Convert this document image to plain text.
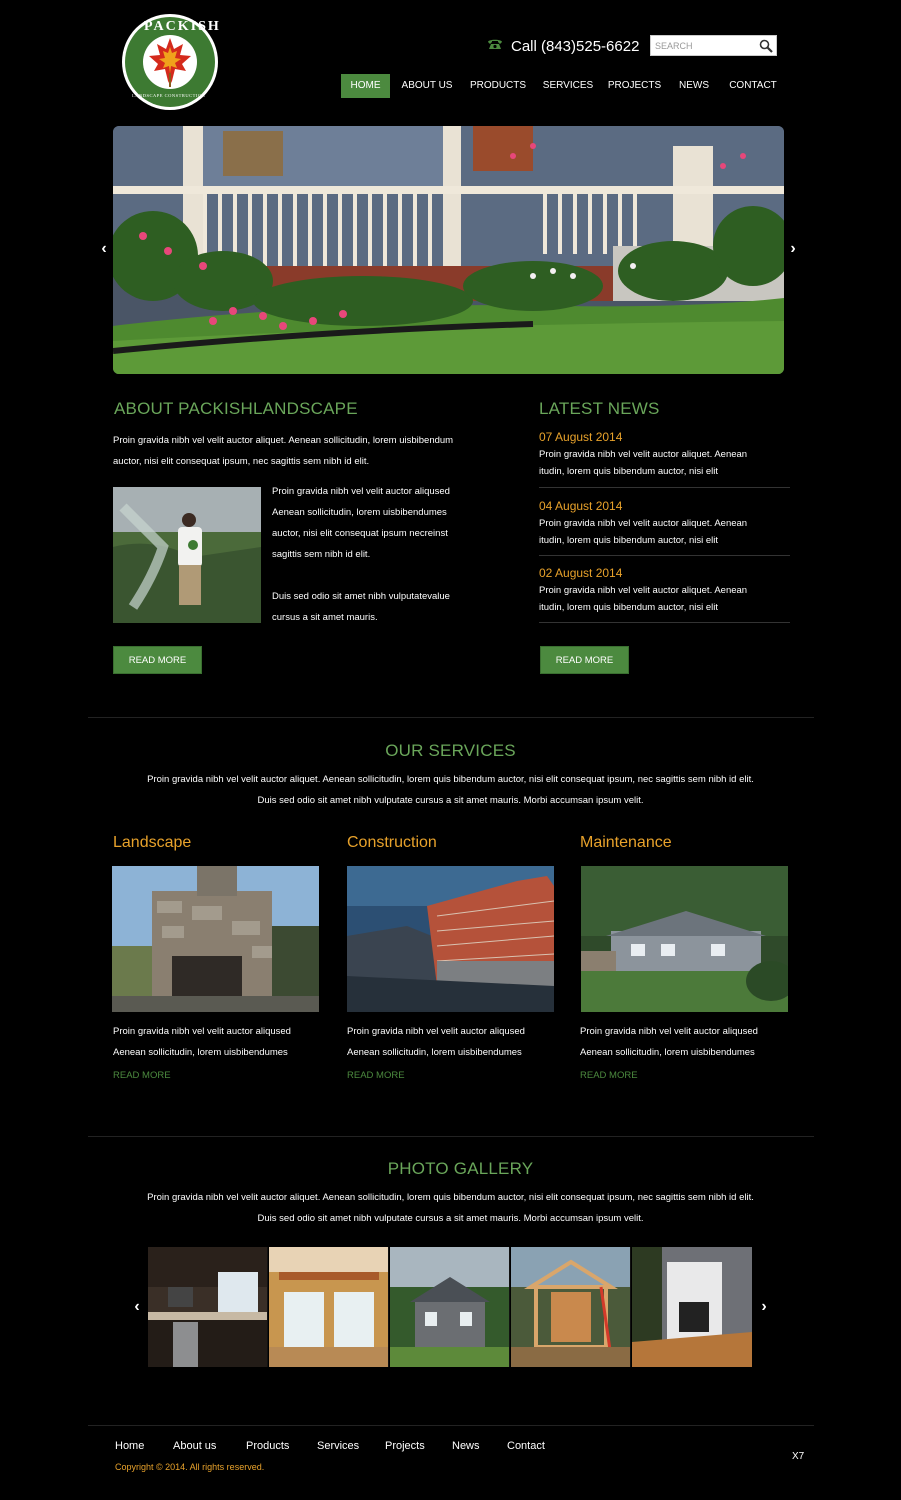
PACKISH
LANDSCAPE CONSTRUCTION
Call (843)525-6622
SEARCH
HOME	ABOUT US	PRODUCTS SERVICES PROJECTS	NEWS	CONTACT
‹	›
ABOUT PACKISHLANDSCAPE
Proin gravida nibh vel velit auctor aliquet. Aenean sollicitudin, lorem uisbibendum
auctor, nisi elit consequat ipsum, nec sagittis sem nibh id elit.
Proin gravida nibh vel velit auctor aliqused
Aenean sollicitudin, lorem uisbibendumes
auctor, nisi elit consequat ipsum necreinst
sagittis sem nibh id elit.
Duis sed odio sit amet nibh vulputatevalue
cursus a sit amet mauris.
READ MORE
LATEST NEWS
07 August 2014
Proin gravida nibh vel velit auctor aliquet. Aenean
itudin, lorem quis bibendum auctor, nisi elit
04 August 2014
Proin gravida nibh vel velit auctor aliquet. Aenean
itudin, lorem quis bibendum auctor, nisi elit
02 August 2014
Proin gravida nibh vel velit auctor aliquet. Aenean
itudin, lorem quis bibendum auctor, nisi elit
READ MORE
OUR SERVICES
Proin gravida nibh vel velit auctor aliquet. Aenean sollicitudin, lorem quis bibendum auctor, nisi elit consequat ipsum, nec sagittis sem nibh id elit.
Duis sed odio sit amet nibh vulputate cursus a sit amet mauris. Morbi accumsan ipsum velit.
Landscape
Proin gravida nibh vel velit auctor aliqused
Aenean sollicitudin, lorem uisbibendumes
READ MORE
Construction
Proin gravida nibh vel velit auctor aliqused
Aenean sollicitudin, lorem uisbibendumes
READ MORE
Maintenance
Proin gravida nibh vel velit auctor aliqused
Aenean sollicitudin, lorem uisbibendumes
READ MORE
PHOTO GALLERY
Proin gravida nibh vel velit auctor aliquet. Aenean sollicitudin, lorem quis bibendum auctor, nisi elit consequat ipsum, nec sagittis sem nibh id elit.
Duis sed odio sit amet nibh vulputate cursus a sit amet mauris. Morbi accumsan ipsum velit.
‹	›
Home	About us	Products	Services Projects News Contact
Copyright © 2014. All rights reserved.
X7
